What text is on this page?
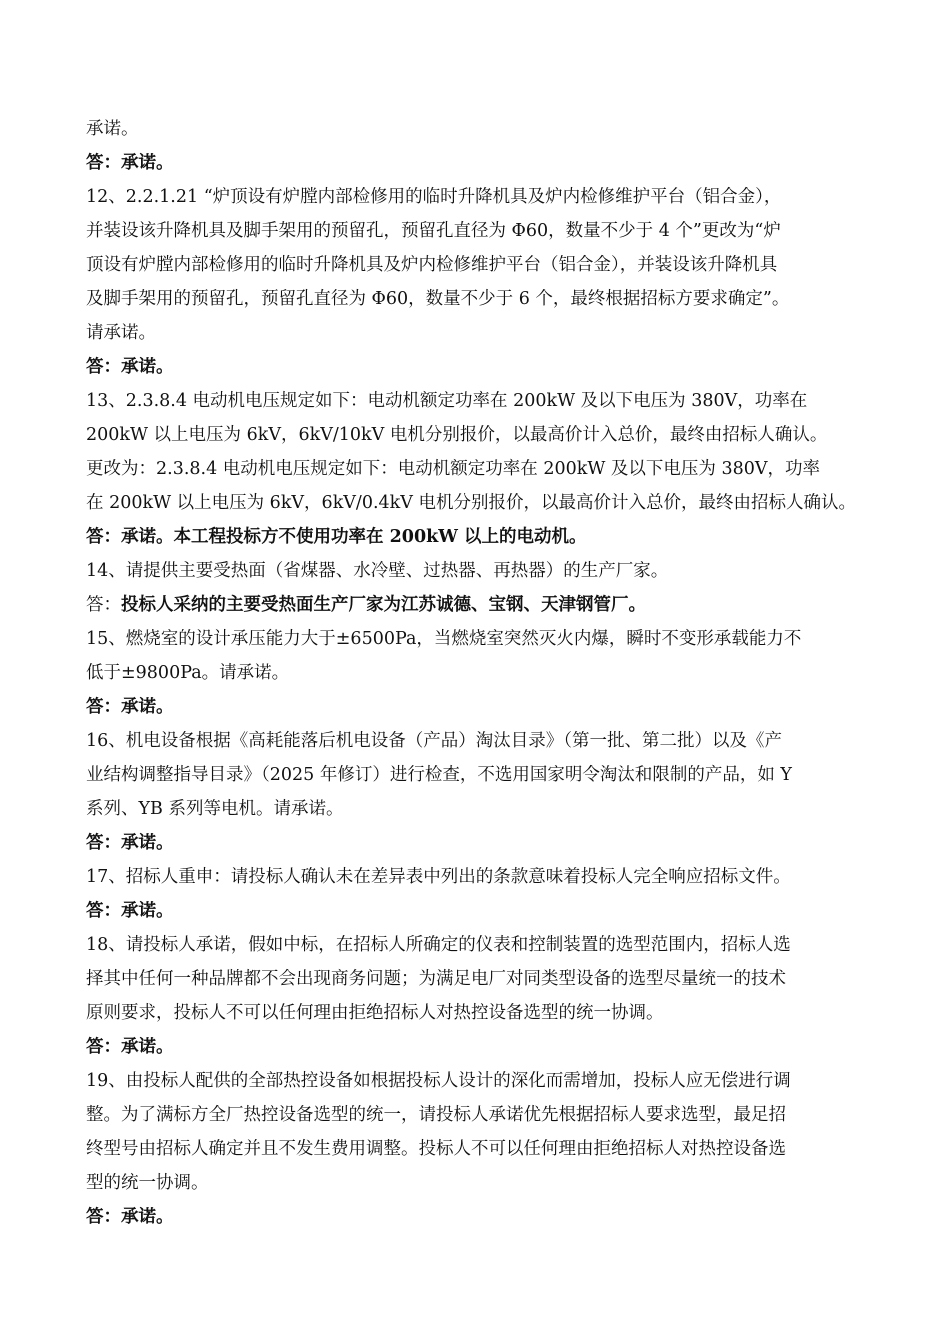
承诺。
答：承诺。
12、2.2.1.21 “炉顶设有炉膛内部检修用的临时升降机具及炉内检修维护平台（铝合金），
并装设该升降机具及脚手架用的预留孔，预留孔直径为 Φ60，数量不少于 4 个”更改为“炉
顶设有炉膛内部检修用的临时升降机具及炉内检修维护平台（铝合金），并装设该升降机具
及脚手架用的预留孔，预留孔直径为 Φ60，数量不少于 6 个，最终根据招标方要求确定”。
请承诺。
答：承诺。
13、2.3.8.4 电动机电压规定如下：电动机额定功率在 200kW 及以下电压为 380V，功率在
200kW 以上电压为 6kV，6kV/10kV 电机分别报价，以最高价计入总价，最终由招标人确认。
更改为：2.3.8.4 电动机电压规定如下：电动机额定功率在 200kW 及以下电压为 380V，功率
在 200kW 以上电压为 6kV，6kV/0.4kV 电机分别报价，以最高价计入总价，最终由招标人确认。
答：承诺。本工程投标方不使用功率在 200kW 以上的电动机。
14、请提供主要受热面（省煤器、水冷壁、过热器、再热器）的生产厂家。
答：投标人采纳的主要受热面生产厂家为江苏诚德、宝钢、天津钢管厂。
15、燃烧室的设计承压能力大于±6500Pa，当燃烧室突然灭火内爆，瞬时不变形承载能力不
低于±9800Pa。请承诺。
答：承诺。
16、机电设备根据《高耗能落后机电设备（产品）淘汰目录》（第一批、第二批）以及《产
业结构调整指导目录》（2025 年修订）进行检查，不选用国家明令淘汰和限制的产品，如 Y
系列、YB 系列等电机。请承诺。
答：承诺。
17、招标人重申：请投标人确认未在差异表中列出的条款意味着投标人完全响应招标文件。
答：承诺。
18、请投标人承诺，假如中标，在招标人所确定的仪表和控制装置的选型范围内，招标人选
择其中任何一种品牌都不会出现商务问题；为满足电厂对同类型设备的选型尽量统一的技术
原则要求，投标人不可以任何理由拒绝招标人对热控设备选型的统一协调。
答：承诺。
19、由投标人配供的全部热控设备如根据投标人设计的深化而需增加，投标人应无偿进行调
整。为了满标方全厂热控设备选型的统一，请投标人承诺优先根据招标人要求选型，最足招
终型号由招标人确定并且不发生费用调整。投标人不可以任何理由拒绝招标人对热控设备选
型的统一协调。
答：承诺。
